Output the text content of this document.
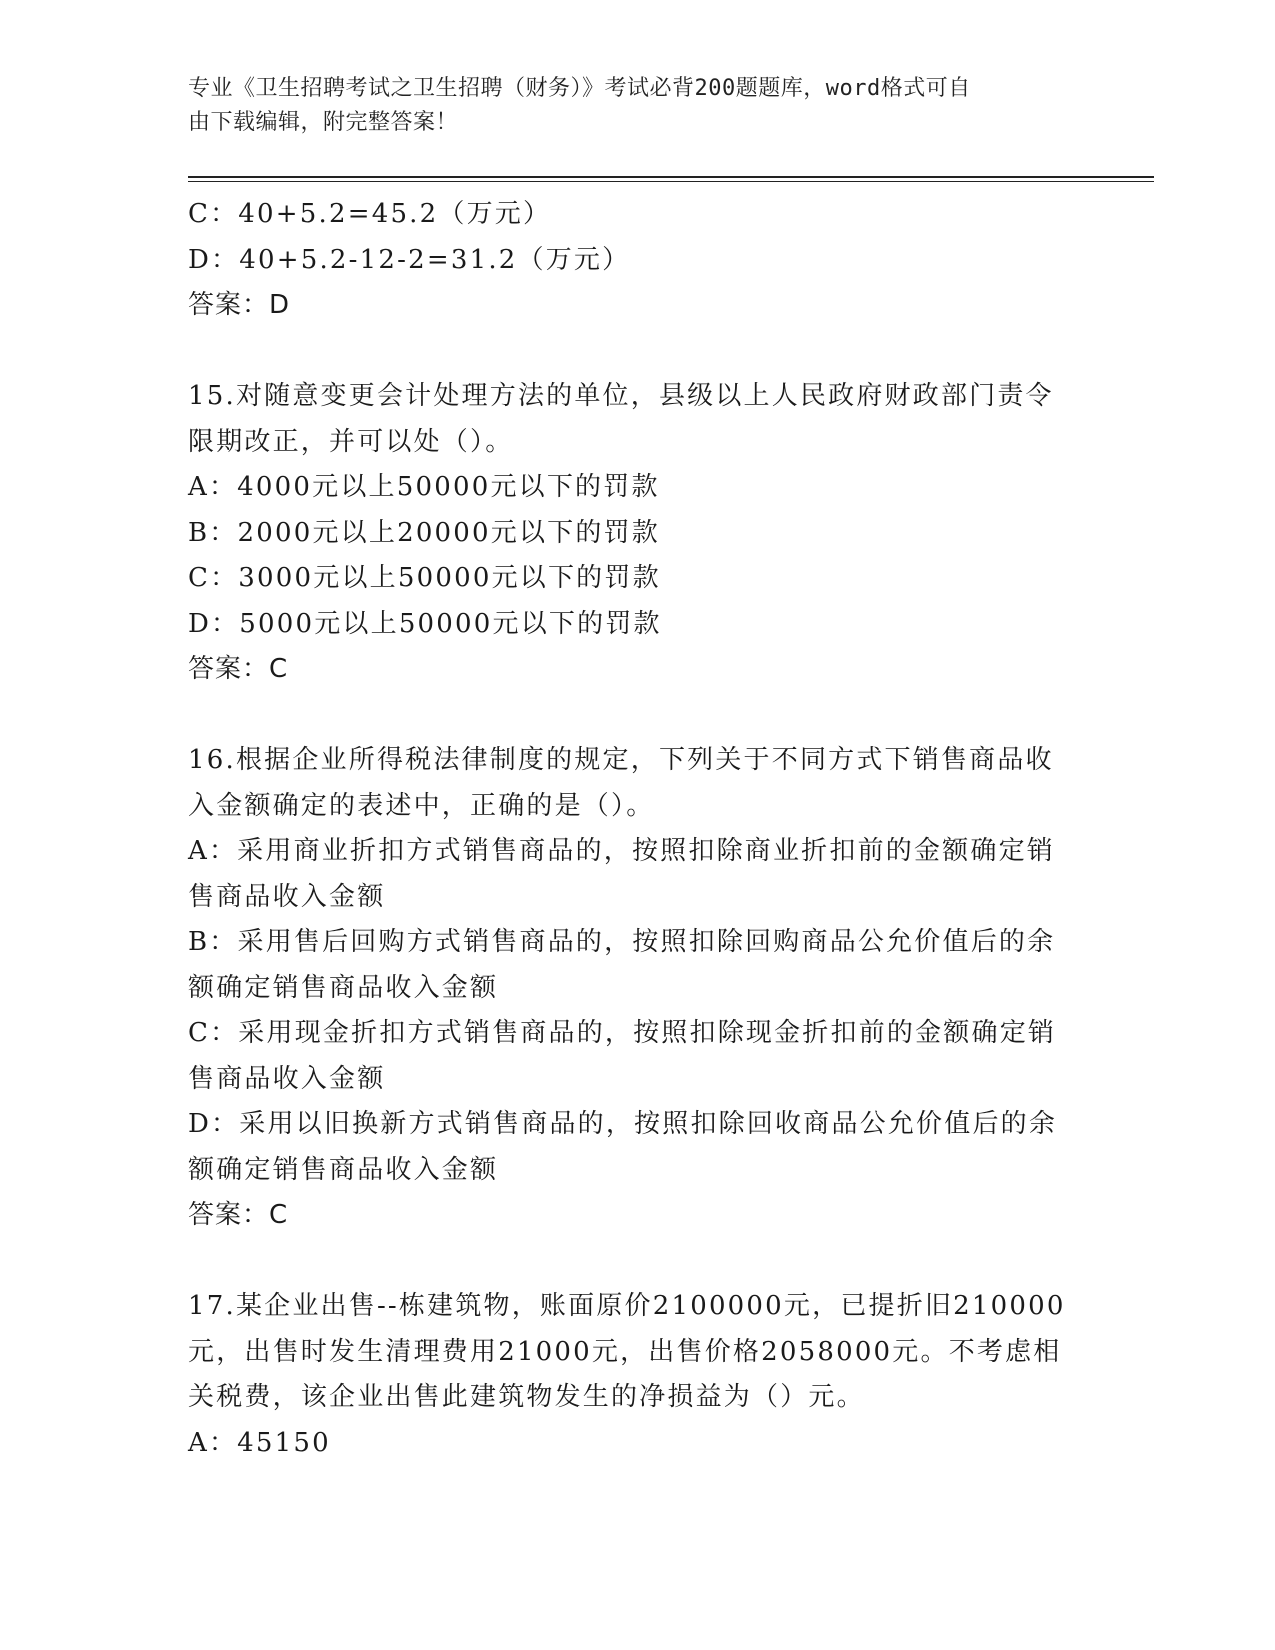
专业《卫生招聘考试之卫生招聘（财务）》考试必背200题题库，word格式可自
由下载编辑，附完整答案！
C：40+5.2=45.2（万元）
D：40+5.2-12-2=31.2（万元）
答案：D
15.对随意变更会计处理方法的单位，县级以上人民政府财政部门责令
限期改正，并可以处（）。
A：4000元以上50000元以下的罚款
B：2000元以上20000元以下的罚款
C：3000元以上50000元以下的罚款
D：5000元以上50000元以下的罚款
答案：C
16.根据企业所得税法律制度的规定，下列关于不同方式下销售商品收
入金额确定的表述中，正确的是（）。
A：采用商业折扣方式销售商品的，按照扣除商业折扣前的金额确定销
售商品收入金额
B：采用售后回购方式销售商品的，按照扣除回购商品公允价值后的余
额确定销售商品收入金额
C：采用现金折扣方式销售商品的，按照扣除现金折扣前的金额确定销
售商品收入金额
D：采用以旧换新方式销售商品的，按照扣除回收商品公允价值后的余
额确定销售商品收入金额
答案：C
17.某企业出售--栋建筑物，账面原价2100000元，已提折旧210000
元，出售时发生清理费用21000元，出售价格2058000元。不考虑相
关税费，该企业出售此建筑物发生的净损益为（）元。
A：45150
